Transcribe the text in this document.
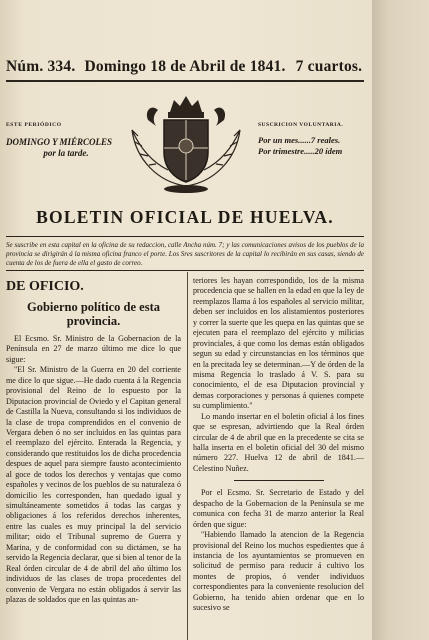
Núm. 334. Domingo 18 de Abril de 1841. 7 cuartos.
ESTE PERIÓDICO
DOMINGO Y MIÉRCOLES
por la tarde.
SUSCRICION VOLUNTARIA.
Por un mes......7 reales.
Por trimestre.....20 ídem
BOLETIN OFICIAL DE HUELVA.
Se suscribe en esta capital en la oficina de su redaccion, calle Ancha núm. 7; y las comunicaciones avisos de los pueblos de la provincia se dirigirán á la misma oficina franco el porte. Los Sres suscritores de la capital lo recibirán en sus casas, siendo de cuenta de los de fuera de ella el gasto de correo.
DE OFICIO.
Gobierno político de esta provincia.

El Ecsmo. Sr. Ministro de la Gobernacion de la Península en 27 de marzo último me dice lo que sigue:

"El Sr. Ministro de la Guerra en 20 del corriente me dice lo que sigue.—He dado cuenta á la Regencia provisional del Reino de lo espuesto por la Diputacion provincial de Oviedo y el Capitan general de Castilla la Nueva, consultando si los individuos de la clase de tropa comprendidos en el convenio de Vergara deben ó no ser incluidos en las quintas para el reemplazo del ejército. Enterada la Regencia, y considerando que restituidos los de dicha procedencia despues de aquel para siempre fausto acontecimiento al goce de todos los derechos y ventajas que como españoles y vecinos de los pueblos de su naturaleza ó domicilio les corresponden, han quedado igual y simultáneamente sometidos á todas las cargas y obligaciones á los referidos derechos inherentes, entre las cuales es muy principal la del servicio militar; oido el Tribunal supremo de Guerra y Marina, y de conformidad con su dictámen, se ha servido la Regencia declarar, que si bien al tenor de la Real órden circular de 4 de abril del año último los individuos de las clases de tropa procedentes del convenio de Vergara no están obligados á servir las plazas de soldados que en las quintas an-

teriores les hayan correspondido, los de la misma procedencia que se hallen en la edad en que la ley de reemplazos llama á los españoles al servicio militar, deben ser incluidos en los alistamientos posteriores y correr la suerte que les quepa en las quintas que se ejecuten para el reemplazo del ejército y milicias provinciales, á que como los demas están obligados segun su edad y circunstancias en los términos que en la precitada ley se determinan.—Y de órden de la misma Regencia lo traslado á V. S. para su conocimiento, el de esa Diputacion provincial y demas corporaciones y personas á quienes compete su cumplimiento."

Lo mando insertar en el boletin oficial á los fines que se espresan, advirtiendo que la Real órden circular de 4 de abril que en la precedente se cita se halla inserta en el boletin oficial del 30 del mismo número 227. Huelva 12 de abril de 1841.—Celestino Nuñez.

Por el Ecsmo. Sr. Secretario de Estado y del despacho de la Gobernacion de la Península se me comunica con fecha 31 de marzo anterior la Real órden que sigue:

"Habiendo llamado la atencion de la Regencia provisional del Reino los muchos espedientes que á instancia de los ayuntamientos se promueven en solicitud de permiso para reducir á cultivo los montes de propios, ó vender individuos correspondientes para la conveniente resolucion del Gobierno, ha tenido abien ordenar que en lo sucesivo se
